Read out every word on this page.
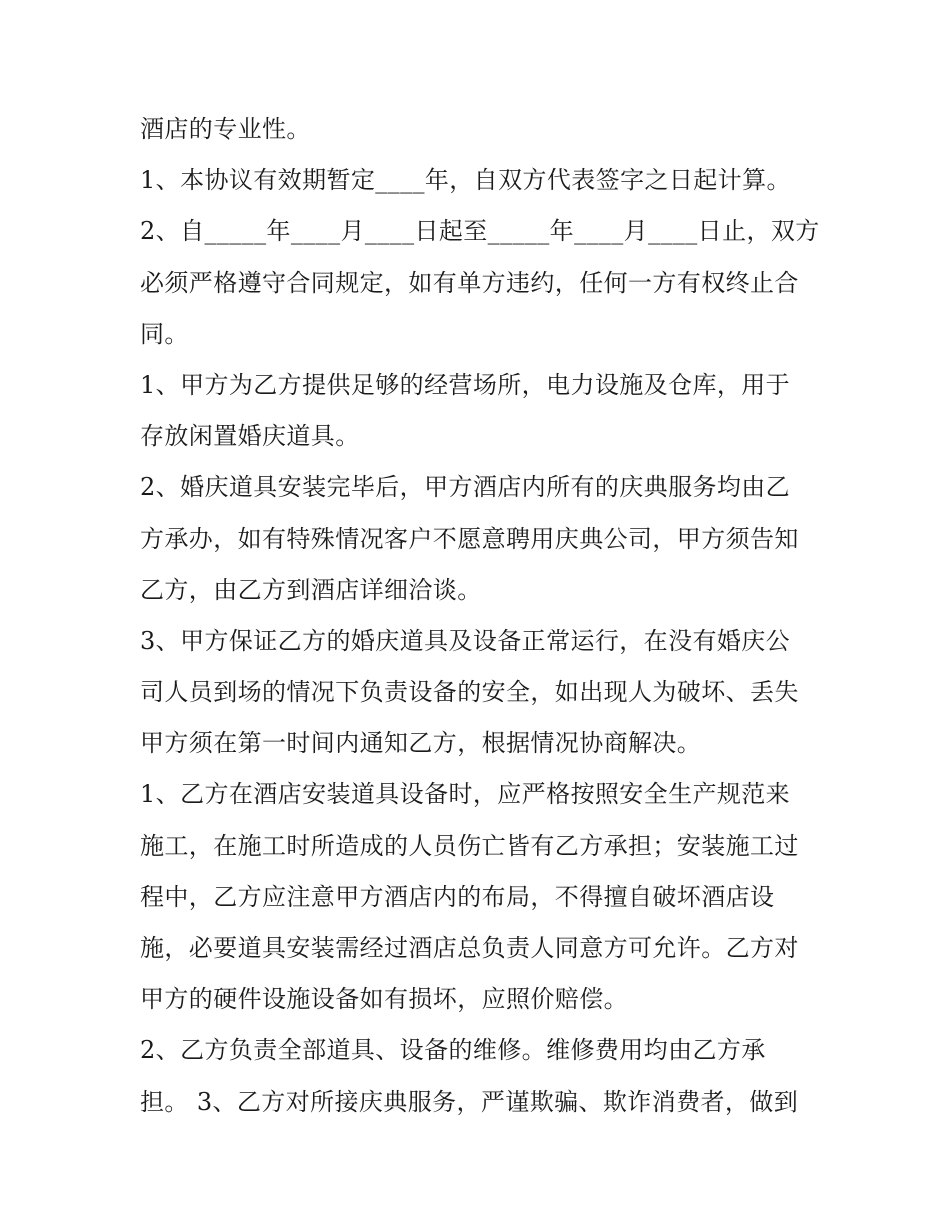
酒店的专业性。
1、本协议有效期暂定____年，自双方代表签字之日起计算。
2、自_____年____月____日起至_____年____月____日止，双方
必须严格遵守合同规定，如有单方违约，任何一方有权终止合
同。
1、甲方为乙方提供足够的经营场所，电力设施及仓库，用于
存放闲置婚庆道具。
2、婚庆道具安装完毕后，甲方酒店内所有的庆典服务均由乙
方承办，如有特殊情况客户不愿意聘用庆典公司，甲方须告知
乙方，由乙方到酒店详细洽谈。
3、甲方保证乙方的婚庆道具及设备正常运行，在没有婚庆公
司人员到场的情况下负责设备的安全，如出现人为破坏、丢失
甲方须在第一时间内通知乙方，根据情况协商解决。
1、乙方在酒店安装道具设备时，应严格按照安全生产规范来
施工，在施工时所造成的人员伤亡皆有乙方承担；安装施工过
程中，乙方应注意甲方酒店内的布局，不得擅自破坏酒店设
施，必要道具安装需经过酒店总负责人同意方可允许。乙方对
甲方的硬件设施设备如有损坏，应照价赔偿。
2、乙方负责全部道具、设备的维修。维修费用均由乙方承
担。 3、乙方对所接庆典服务，严谨欺骗、欺诈消费者，做到
